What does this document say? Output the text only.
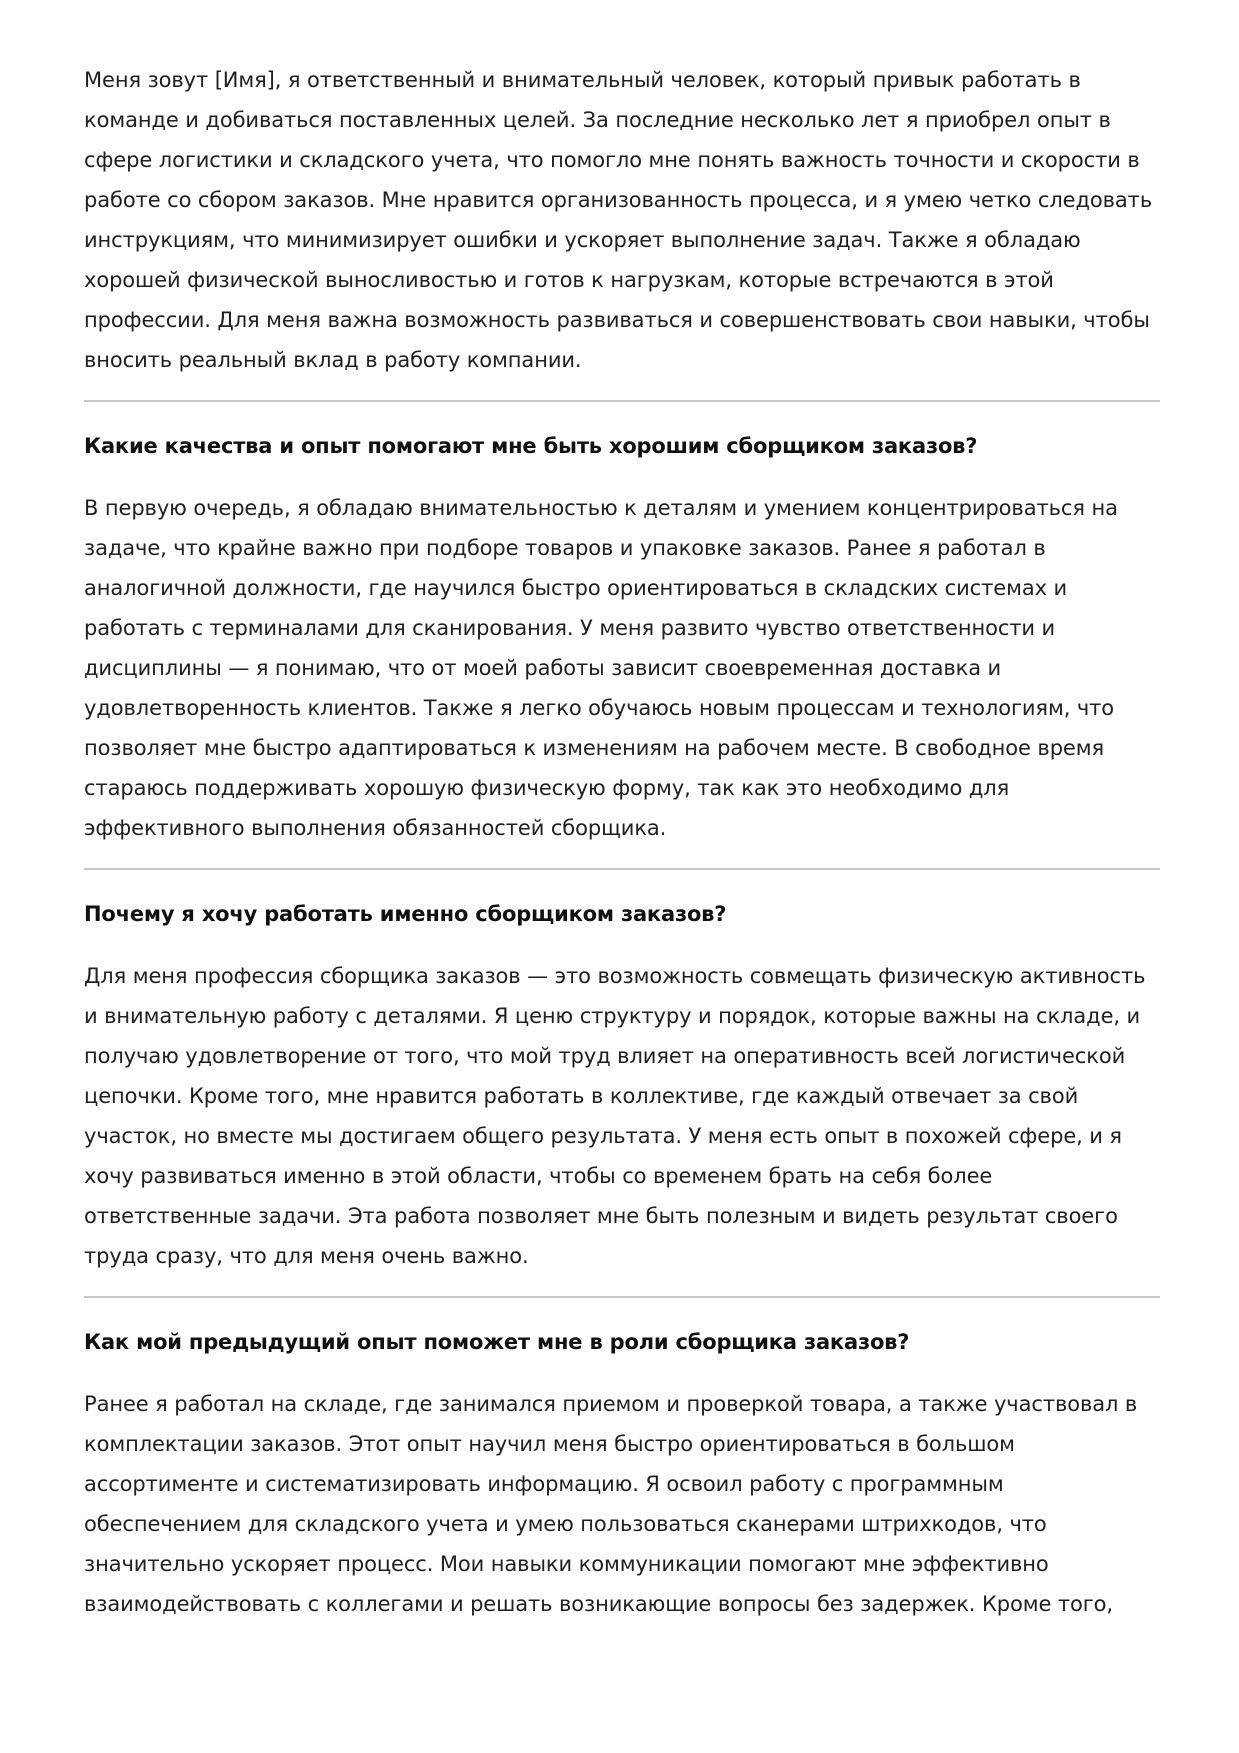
Меня зовут [Имя], я ответственный и внимательный человек, который привык работать в команде и добиваться поставленных целей. За последние несколько лет я приобрел опыт в сфере логистики и складского учета, что помогло мне понять важность точности и скорости в работе со сбором заказов. Мне нравится организованность процесса, и я умею четко следовать инструкциям, что минимизирует ошибки и ускоряет выполнение задач. Также я обладаю хорошей физической выносливостью и готов к нагрузкам, которые встречаются в этой профессии. Для меня важна возможность развиваться и совершенствовать свои навыки, чтобы вносить реальный вклад в работу компании.

Какие качества и опыт помогают мне быть хорошим сборщиком заказов?

В первую очередь, я обладаю внимательностью к деталям и умением концентрироваться на задаче, что крайне важно при подборе товаров и упаковке заказов. Ранее я работал в аналогичной должности, где научился быстро ориентироваться в складских системах и работать с терминалами для сканирования. У меня развито чувство ответственности и дисциплины — я понимаю, что от моей работы зависит своевременная доставка и удовлетворенность клиентов. Также я легко обучаюсь новым процессам и технологиям, что позволяет мне быстро адаптироваться к изменениям на рабочем месте. В свободное время стараюсь поддерживать хорошую физическую форму, так как это необходимо для эффективного выполнения обязанностей сборщика.

Почему я хочу работать именно сборщиком заказов?

Для меня профессия сборщика заказов — это возможность совмещать физическую активность и внимательную работу с деталями. Я ценю структуру и порядок, которые важны на складе, и получаю удовлетворение от того, что мой труд влияет на оперативность всей логистической цепочки. Кроме того, мне нравится работать в коллективе, где каждый отвечает за свой участок, но вместе мы достигаем общего результата. У меня есть опыт в похожей сфере, и я хочу развиваться именно в этой области, чтобы со временем брать на себя более ответственные задачи. Эта работа позволяет мне быть полезным и видеть результат своего труда сразу, что для меня очень важно.

Как мой предыдущий опыт поможет мне в роли сборщика заказов?

Ранее я работал на складе, где занимался приемом и проверкой товара, а также участвовал в комплектации заказов. Этот опыт научил меня быстро ориентироваться в большом ассортименте и систематизировать информацию. Я освоил работу с программным обеспечением для складского учета и умею пользоваться сканерами штрихкодов, что значительно ускоряет процесс. Мои навыки коммуникации помогают мне эффективно взаимодействовать с коллегами и решать возникающие вопросы без задержек. Кроме того,
